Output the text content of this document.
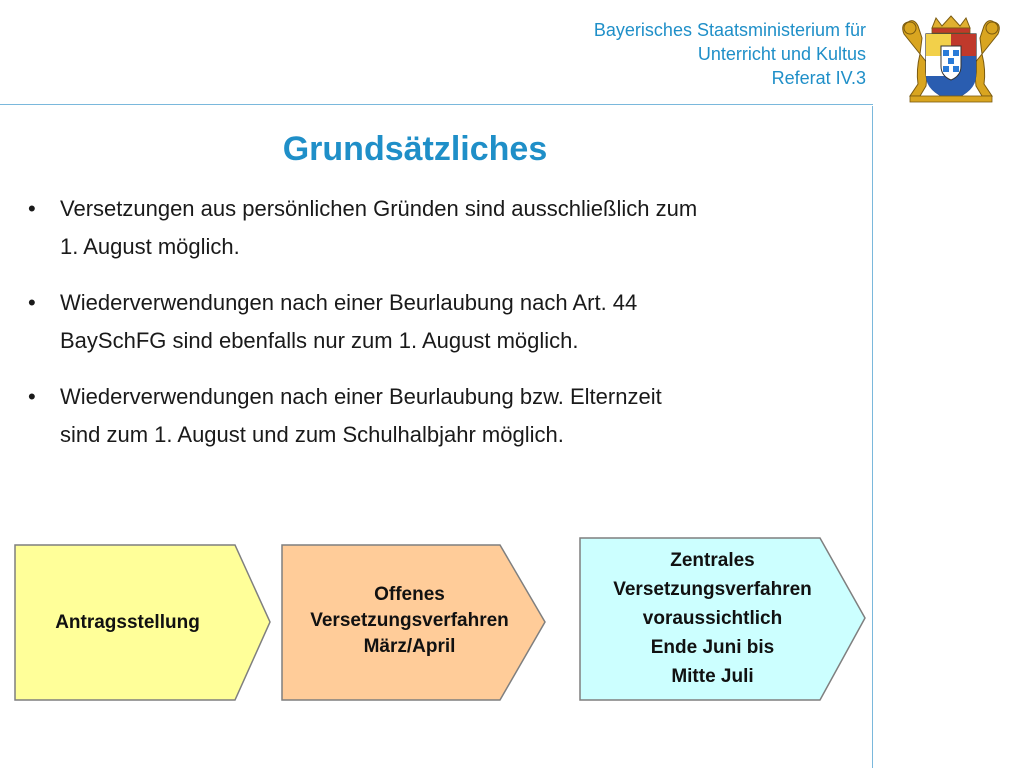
Bayerisches Staatsministerium für
Unterricht und Kultus
Referat IV.3
Grundsätzliches
• Versetzungen aus persönlichen Gründen sind ausschließlich zum
1. August möglich.
• Wiederverwendungen nach einer Beurlaubung nach Art. 44
BaySchFG sind ebenfalls nur zum 1. August möglich.
• Wiederverwendungen nach einer Beurlaubung bzw. Elternzeit
sind zum 1. August und zum Schulhalbjahr möglich.
Antragsstellung
Offenes
Versetzungsverfahren
März/April
Zentrales
Versetzungsverfahren
voraussichtlich
Ende Juni bis
Mitte Juli
